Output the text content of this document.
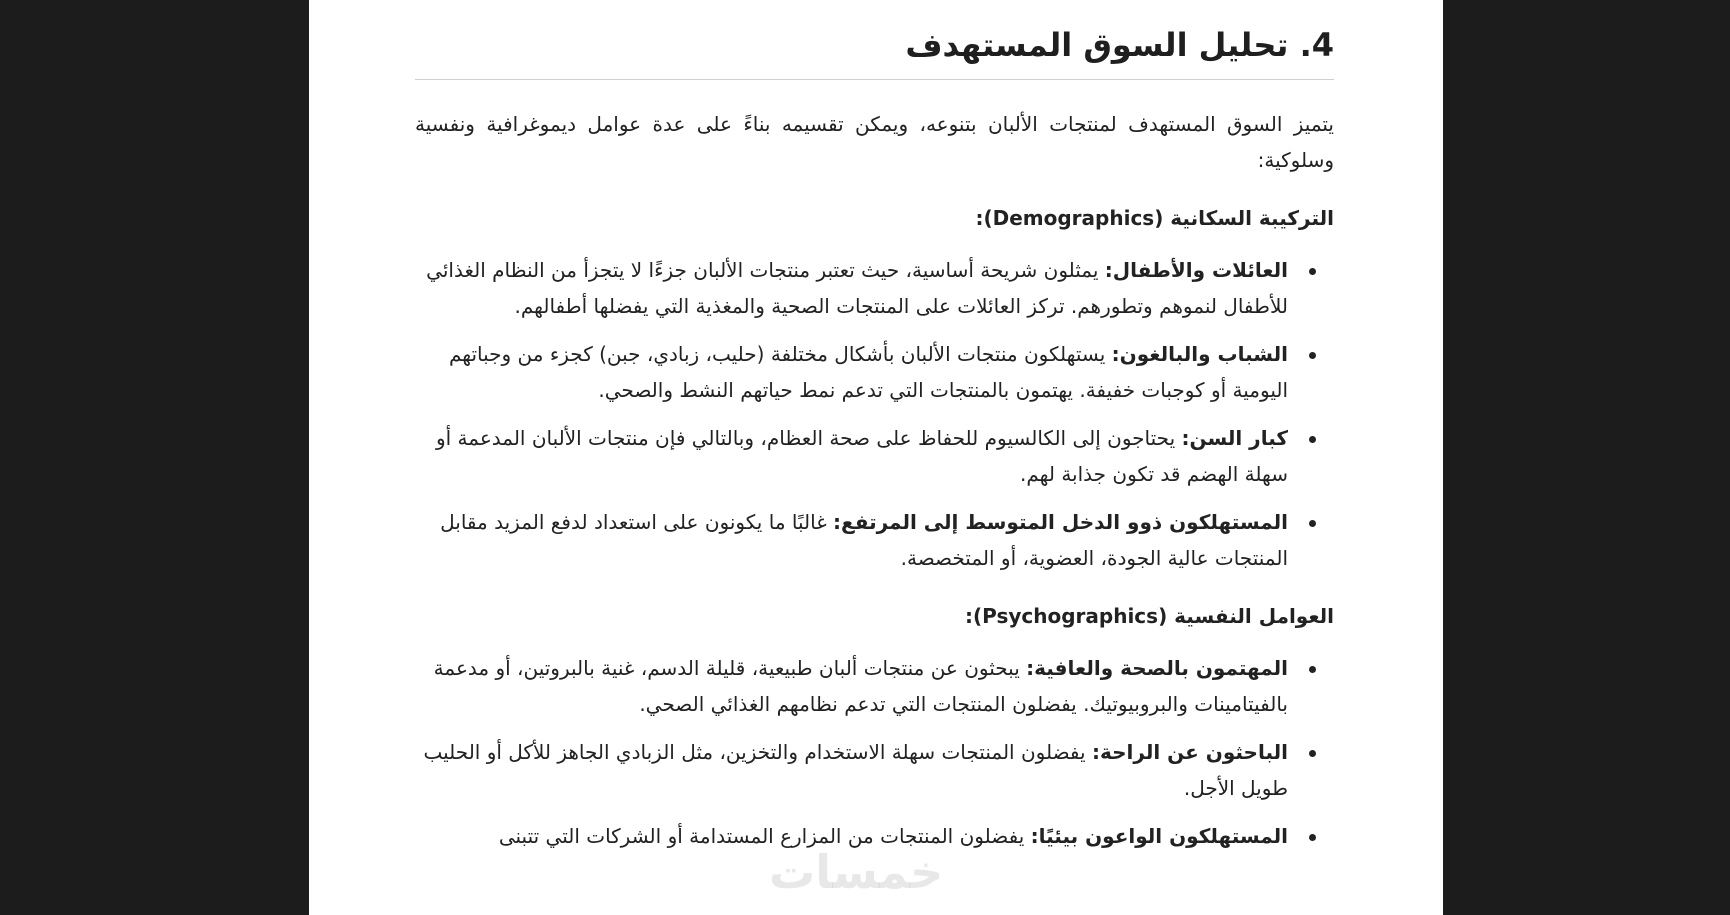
4. تحليل السوق المستهدف

يتميز السوق المستهدف لمنتجات الألبان بتنوعه، ويمكن تقسيمه بناءً على عدة عوامل ديموغرافية ونفسية وسلوكية:

التركيبة السكانية (Demographics):
العائلات والأطفال: يمثلون شريحة أساسية، حيث تعتبر منتجات الألبان جزءًا لا يتجزأ من النظام الغذائي للأطفال لنموهم وتطورهم. تركز العائلات على المنتجات الصحية والمغذية التي يفضلها أطفالهم.
الشباب والبالغون: يستهلكون منتجات الألبان بأشكال مختلفة (حليب، زبادي، جبن) كجزء من وجباتهم اليومية أو كوجبات خفيفة. يهتمون بالمنتجات التي تدعم نمط حياتهم النشط والصحي.
كبار السن: يحتاجون إلى الكالسيوم للحفاظ على صحة العظام، وبالتالي فإن منتجات الألبان المدعمة أو سهلة الهضم قد تكون جذابة لهم.
المستهلكون ذوو الدخل المتوسط إلى المرتفع: غالبًا ما يكونون على استعداد لدفع المزيد مقابل المنتجات عالية الجودة، العضوية، أو المتخصصة.
العوامل النفسية (Psychographics):
المهتمون بالصحة والعافية: يبحثون عن منتجات ألبان طبيعية، قليلة الدسم، غنية بالبروتين، أو مدعمة بالفيتامينات والبروبيوتيك. يفضلون المنتجات التي تدعم نظامهم الغذائي الصحي.
الباحثون عن الراحة: يفضلون المنتجات سهلة الاستخدام والتخزين، مثل الزبادي الجاهز للأكل أو الحليب طويل الأجل.
المستهلكون الواعون بيئيًا: يفضلون المنتجات من المزارع المستدامة أو الشركات التي تتبنى
خمسات
